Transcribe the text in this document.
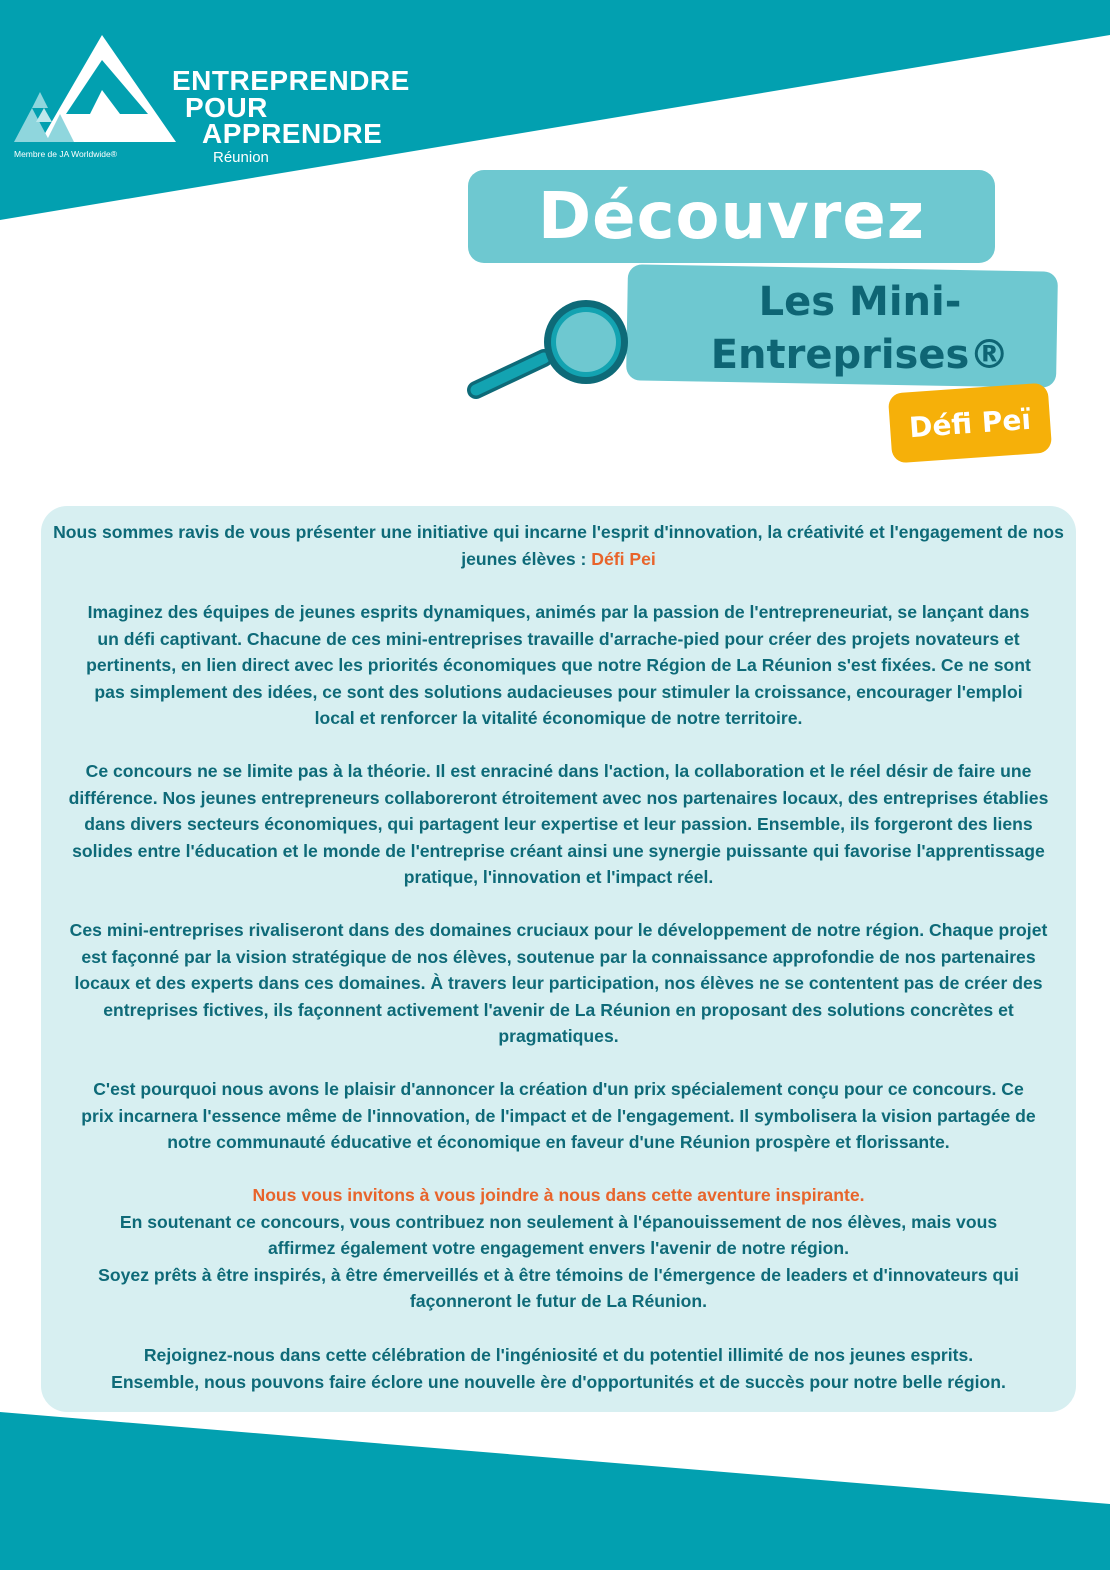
ENTREPRENDRE
POUR
APPRENDRE
Réunion
Membre de JA Worldwide®
Découvrez
Les Mini-
Entreprises®
Défi Peï

Nous sommes ravis de vous présenter une initiative qui incarne l'esprit d'innovation, la créativité et l'engagement de nos jeunes élèves : Défi Pei

Imaginez des équipes de jeunes esprits dynamiques, animés par la passion de l'entrepreneuriat, se lançant dans un défi captivant. Chacune de ces mini-entreprises travaille d'arrache-pied pour créer des projets novateurs et pertinents, en lien direct avec les priorités économiques que notre Région de La Réunion s'est fixées. Ce ne sont pas simplement des idées, ce sont des solutions audacieuses pour stimuler la croissance, encourager l'emploi local et renforcer la vitalité économique de notre territoire.

Ce concours ne se limite pas à la théorie. Il est enraciné dans l'action, la collaboration et le réel désir de faire une différence. Nos jeunes entrepreneurs collaboreront étroitement avec nos partenaires locaux, des entreprises établies dans divers secteurs économiques, qui partagent leur expertise et leur passion. Ensemble, ils forgeront des liens solides entre l'éducation et le monde de l'entreprise créant ainsi une synergie puissante qui favorise l'apprentissage pratique, l'innovation et l'impact réel.

Ces mini-entreprises rivaliseront dans des domaines cruciaux pour le développement de notre région. Chaque projet est façonné par la vision stratégique de nos élèves, soutenue par la connaissance approfondie de nos partenaires locaux et des experts dans ces domaines. À travers leur participation, nos élèves ne se contentent pas de créer des entreprises fictives, ils façonnent activement l'avenir de La Réunion en proposant des solutions concrètes et pragmatiques.

C'est pourquoi nous avons le plaisir d'annoncer la création d'un prix spécialement conçu pour ce concours. Ce prix incarnera l'essence même de l'innovation, de l'impact et de l'engagement. Il symbolisera la vision partagée de notre communauté éducative et économique en faveur d'une Réunion prospère et florissante.

Nous vous invitons à vous joindre à nous dans cette aventure inspirante.
En soutenant ce concours, vous contribuez non seulement à l'épanouissement de nos élèves, mais vous affirmez également votre engagement envers l'avenir de notre région.
Soyez prêts à être inspirés, à être émerveillés et à être témoins de l'émergence de leaders et d'innovateurs qui façonneront le futur de La Réunion.
Rejoignez-nous dans cette célébration de l'ingéniosité et du potentiel illimité de nos jeunes esprits.
Ensemble, nous pouvons faire éclore une nouvelle ère d'opportunités et de succès pour notre belle région.
